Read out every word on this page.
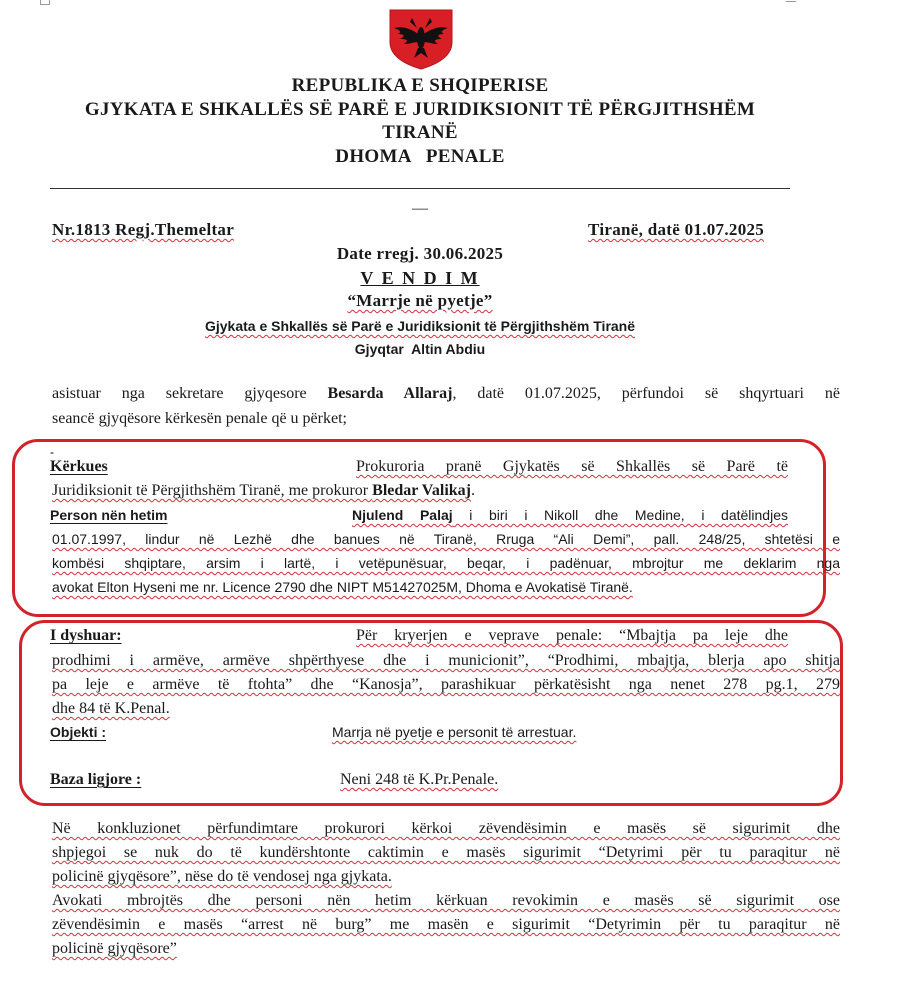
REPUBLIKA E SHQIPERISE
GJYKATA E SHKALLËS SË PARË E JURIDIKSIONIT TË PËRGJITHSHËM
TIRANË
DHOMA   PENALE
—
Nr.1813 Regj.Themeltar	Tiranë, datë 01.07.2025
Date rregj. 30.06.2025
V E N D I M
“Marrje në pyetje”
Gjykata e Shkallës së Parë e Juridiksionit të Përgjithshëm Tiranë
Gjyqtar  Altin Abdiu
asistuar nga sekretare gjyqesore Besarda Allaraj, datë 01.07.2025, përfundoi së shqyrtuari në
seancë gjyqësore kërkesën penale që u përket;
-
Kërkues	Prokuroria pranë Gjykatës së Shkallës së Parë të
Juridiksionit të Përgjithshëm Tiranë, me prokuror Bledar Valikaj.
Person nën hetim	Njulend Palaj i biri i Nikoll dhe Medine, i datëlindjes
01.07.1997, lindur në Lezhë dhe banues në Tiranë, Rruga “Ali Demi”, pall. 248/25, shtetësi e
kombësi shqiptare, arsim i lartë, i vetëpunësuar, beqar, i padënuar, mbrojtur me deklarim nga
avokat Elton Hyseni me nr. Licence 2790 dhe NIPT M51427025M, Dhoma e Avokatisë Tiranë.
I dyshuar:	Për kryerjen e veprave penale: “Mbajtja pa leje dhe
prodhimi i armëve, armëve shpërthyese dhe i municionit”, “Prodhimi, mbajtja, blerja apo shitja
pa leje e armëve të ftohta” dhe “Kanosja”, parashikuar përkatësisht nga nenet 278 pg.1, 279
dhe 84 të K.Penal.
Objekti :	Marrja në pyetje e personit të arrestuar.
Baza ligjore :	Neni 248 të K.Pr.Penale.
Në konkluzionet përfundimtare prokurori kërkoi zëvendësimin e masës së sigurimit dhe
shpjegoi se nuk do të kundërshtonte caktimin e masës sigurimit “Detyrimi për tu paraqitur në
policinë gjyqësore”, nëse do të vendosej nga gjykata.
Avokati mbrojtës dhe personi nën hetim kërkuan revokimin e masës së sigurimit ose
zëvendësimin e masës “arrest në burg” me masën e sigurimit “Detyrimin për tu paraqitur në
policinë gjyqësore”
